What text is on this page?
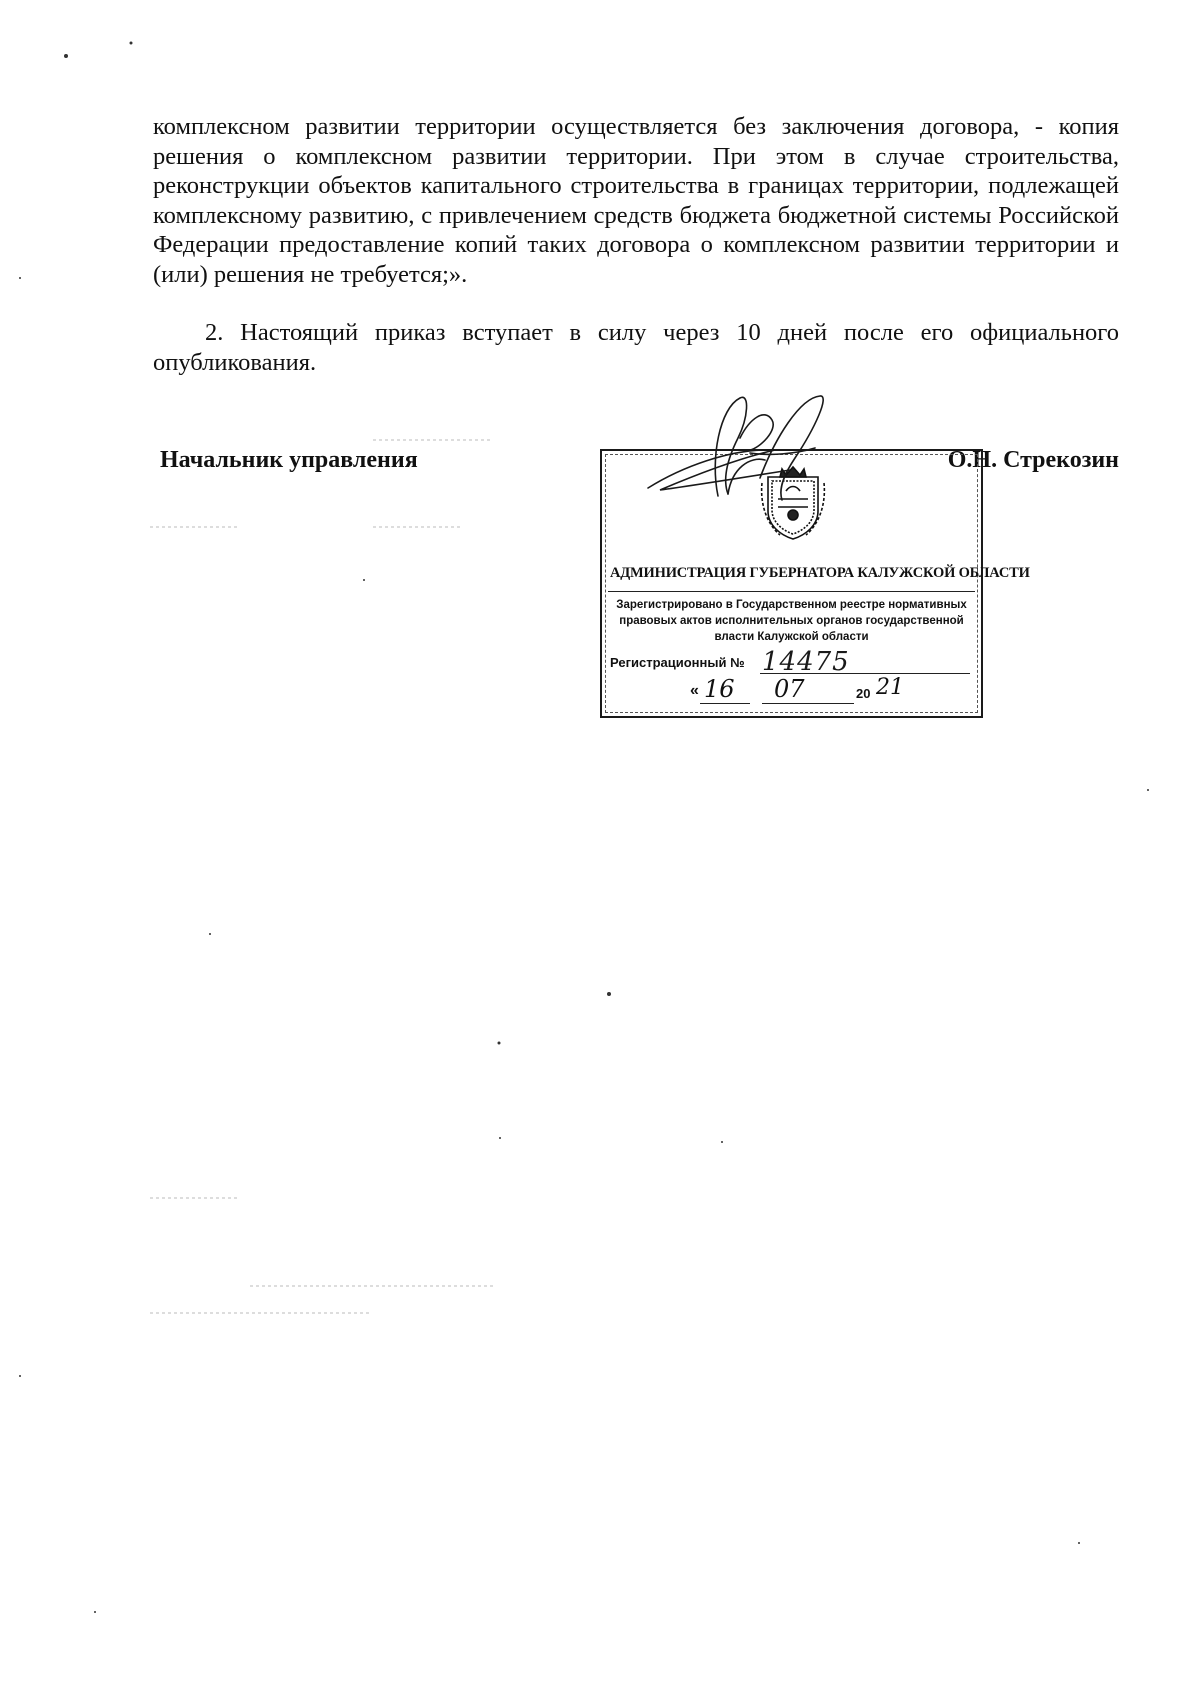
комплексном развитии территории осуществляется без заключения договора, - копия решения о комплексном развитии территории. При этом в случае строительства, реконструкции объектов капитального строительства в границах территории, подлежащей комплексному развитию, с привлечением средств бюджета бюджетной системы Российской Федерации предоставление копий таких договора о комплексном развитии территории и (или) решения не требуется;».

2. Настоящий приказ вступает в силу через 10 дней после его официального опубликования.

Начальник управления	О.Н. Стрекозин
АДМИНИСТРАЦИЯ ГУБЕРНАТОРА КАЛУЖСКОЙ ОБЛАСТИ
Зарегистрировано в Государственном реестре нормативных правовых актов исполнительных органов государственной власти Калужской области
Регистрационный № 14475
« 16 07	20 21
